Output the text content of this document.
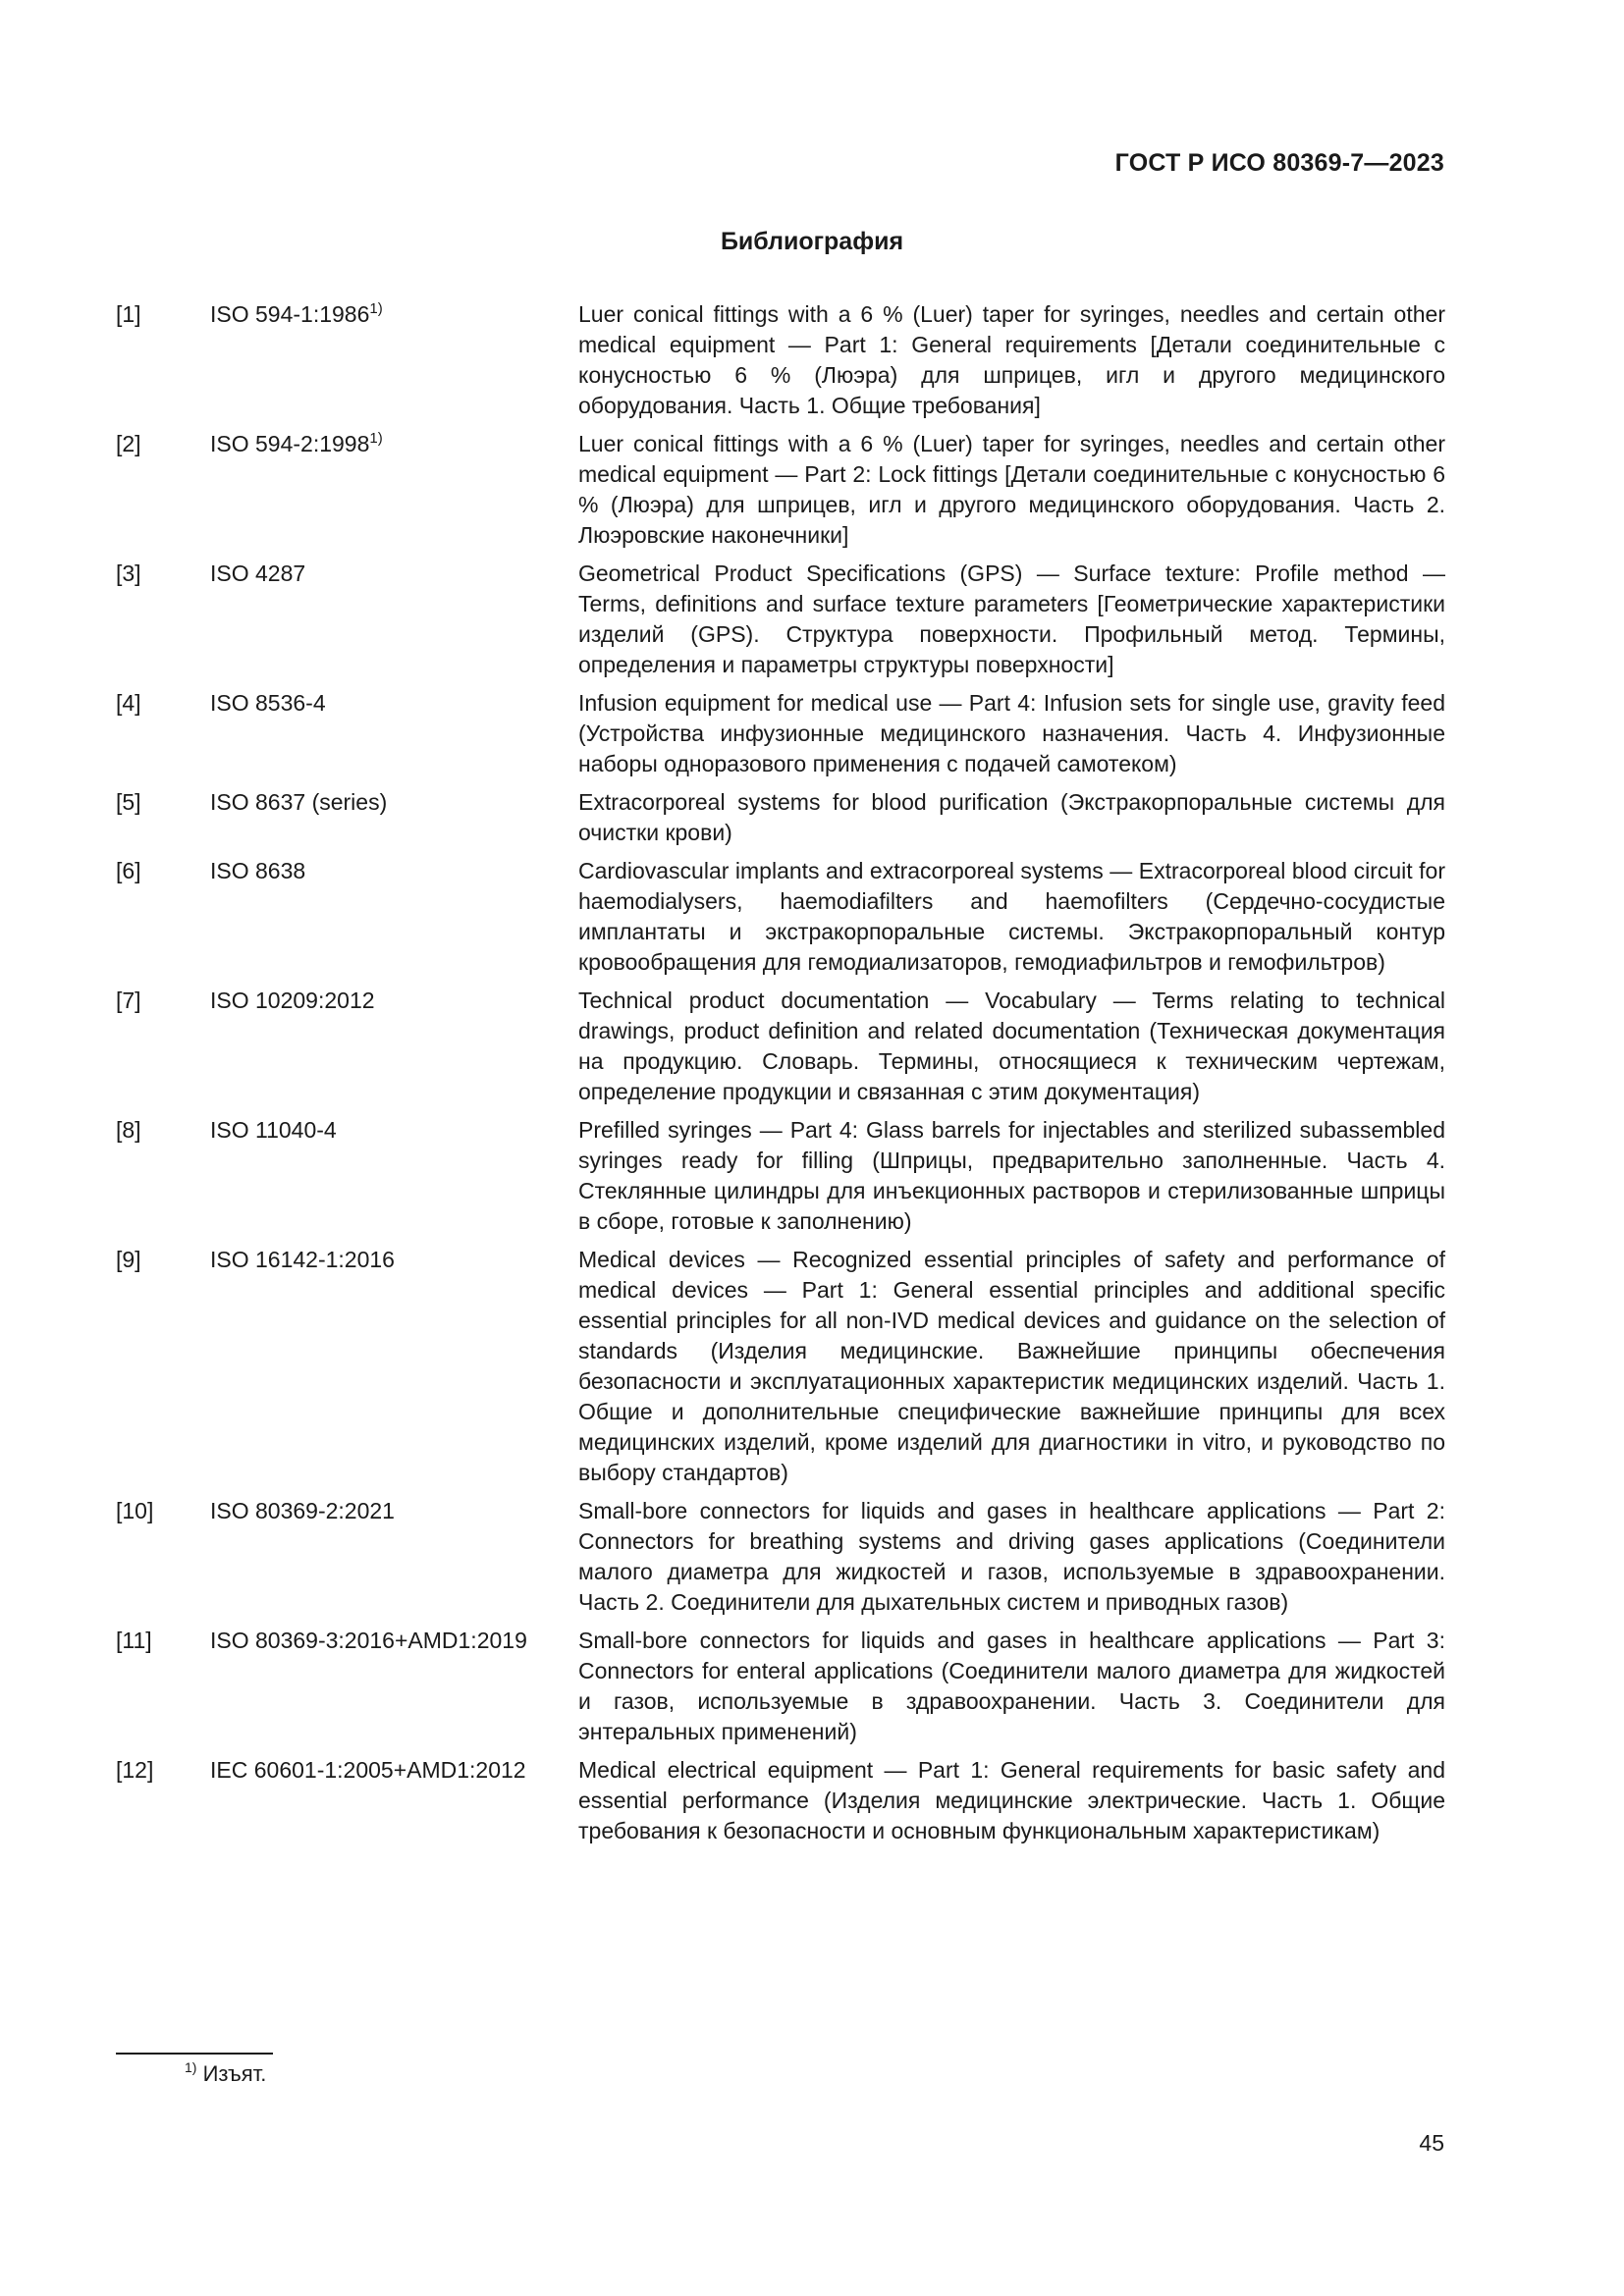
ГОСТ Р ИСО 80369-7—2023
Библиография
[1]	ISO 594-1:1986$^{1)}$	Luer conical fittings with a 6 % (Luer) taper for syringes, needles and certain other medical equipment — Part 1: General requirements [Детали соединительные с конусностью 6 % (Люэра) для шприцев, игл и другого медицинского оборудования. Часть 1. Общие требования]
[2]	ISO 594-2:1998$^{1)}$	Luer conical fittings with a 6 % (Luer) taper for syringes, needles and certain other medical equipment — Part 2: Lock fittings [Детали соединительные с конусностью 6 % (Люэра) для шприцев, игл и другого медицинского оборудования. Часть 2. Люэровские наконечники]
[3]	ISO 4287	Geometrical Product Specifications (GPS) — Surface texture: Profile method — Terms, definitions and surface texture parameters [Геометрические характеристики изделий (GPS). Структура поверхности. Профильный метод. Термины, определения и параметры структуры поверхности]
[4]	ISO 8536-4	Infusion equipment for medical use — Part 4: Infusion sets for single use, gravity feed (Устройства инфузионные медицинского назначения. Часть 4. Инфузионные наборы одноразового применения с подачей самотеком)
[5]	ISO 8637 (series)	Extracorporeal systems for blood purification (Экстракорпоральные системы для очистки крови)
[6]	ISO 8638	Cardiovascular implants and extracorporeal systems — Extracorporeal blood circuit for haemodialysers, haemodiafilters and haemofilters (Сердечно-сосудистые имплантаты и экстракорпоральные системы. Экстракорпоральный контур кровообращения для гемодиализаторов, гемодиафильтров и гемофильтров)
[7]	ISO 10209:2012	Technical product documentation — Vocabulary — Terms relating to technical drawings, product definition and related documentation (Техническая документация на продукцию. Словарь. Термины, относящиеся к техническим чертежам, определение продукции и связанная с этим документация)
[8]	ISO 11040-4	Prefilled syringes — Part 4: Glass barrels for injectables and sterilized subassembled syringes ready for filling (Шприцы, предварительно заполненные. Часть 4. Стеклянные цилиндры для инъекционных растворов и стерилизованные шприцы в сборе, готовые к заполнению)
[9]	ISO 16142-1:2016	Medical devices — Recognized essential principles of safety and performance of medical devices — Part 1: General essential principles and additional specific essential principles for all non-IVD medical devices and guidance on the selection of standards (Изделия медицинские. Важнейшие принципы обеспечения безопасности и эксплуатационных характеристик медицинских изделий. Часть 1. Общие и дополнительные специфические важнейшие принципы для всех медицинских изделий, кроме изделий для диагностики in vitro, и руководство по выбору стандартов)
[10]	ISO 80369-2:2021	Small-bore connectors for liquids and gases in healthcare applications — Part 2: Connectors for breathing systems and driving gases applications (Соединители малого диаметра для жидкостей и газов, используемые в здравоохранении. Часть 2. Соединители для дыхательных систем и приводных газов)
[11]	ISO 80369-3:2016+AMD1:2019	Small-bore connectors for liquids and gases in healthcare applications — Part 3: Connectors for enteral applications (Соединители малого диаметра для жидкостей и газов, используемые в здравоохранении. Часть 3. Соединители для энтеральных применений)
[12]	IEC 60601-1:2005+AMD1:2012	Medical electrical equipment — Part 1: General requirements for basic safety and essential performance (Изделия медицинские электрические. Часть 1. Общие требования к безопасности и основным функциональным характеристикам)
$^{1)}$ Изъят.
45
